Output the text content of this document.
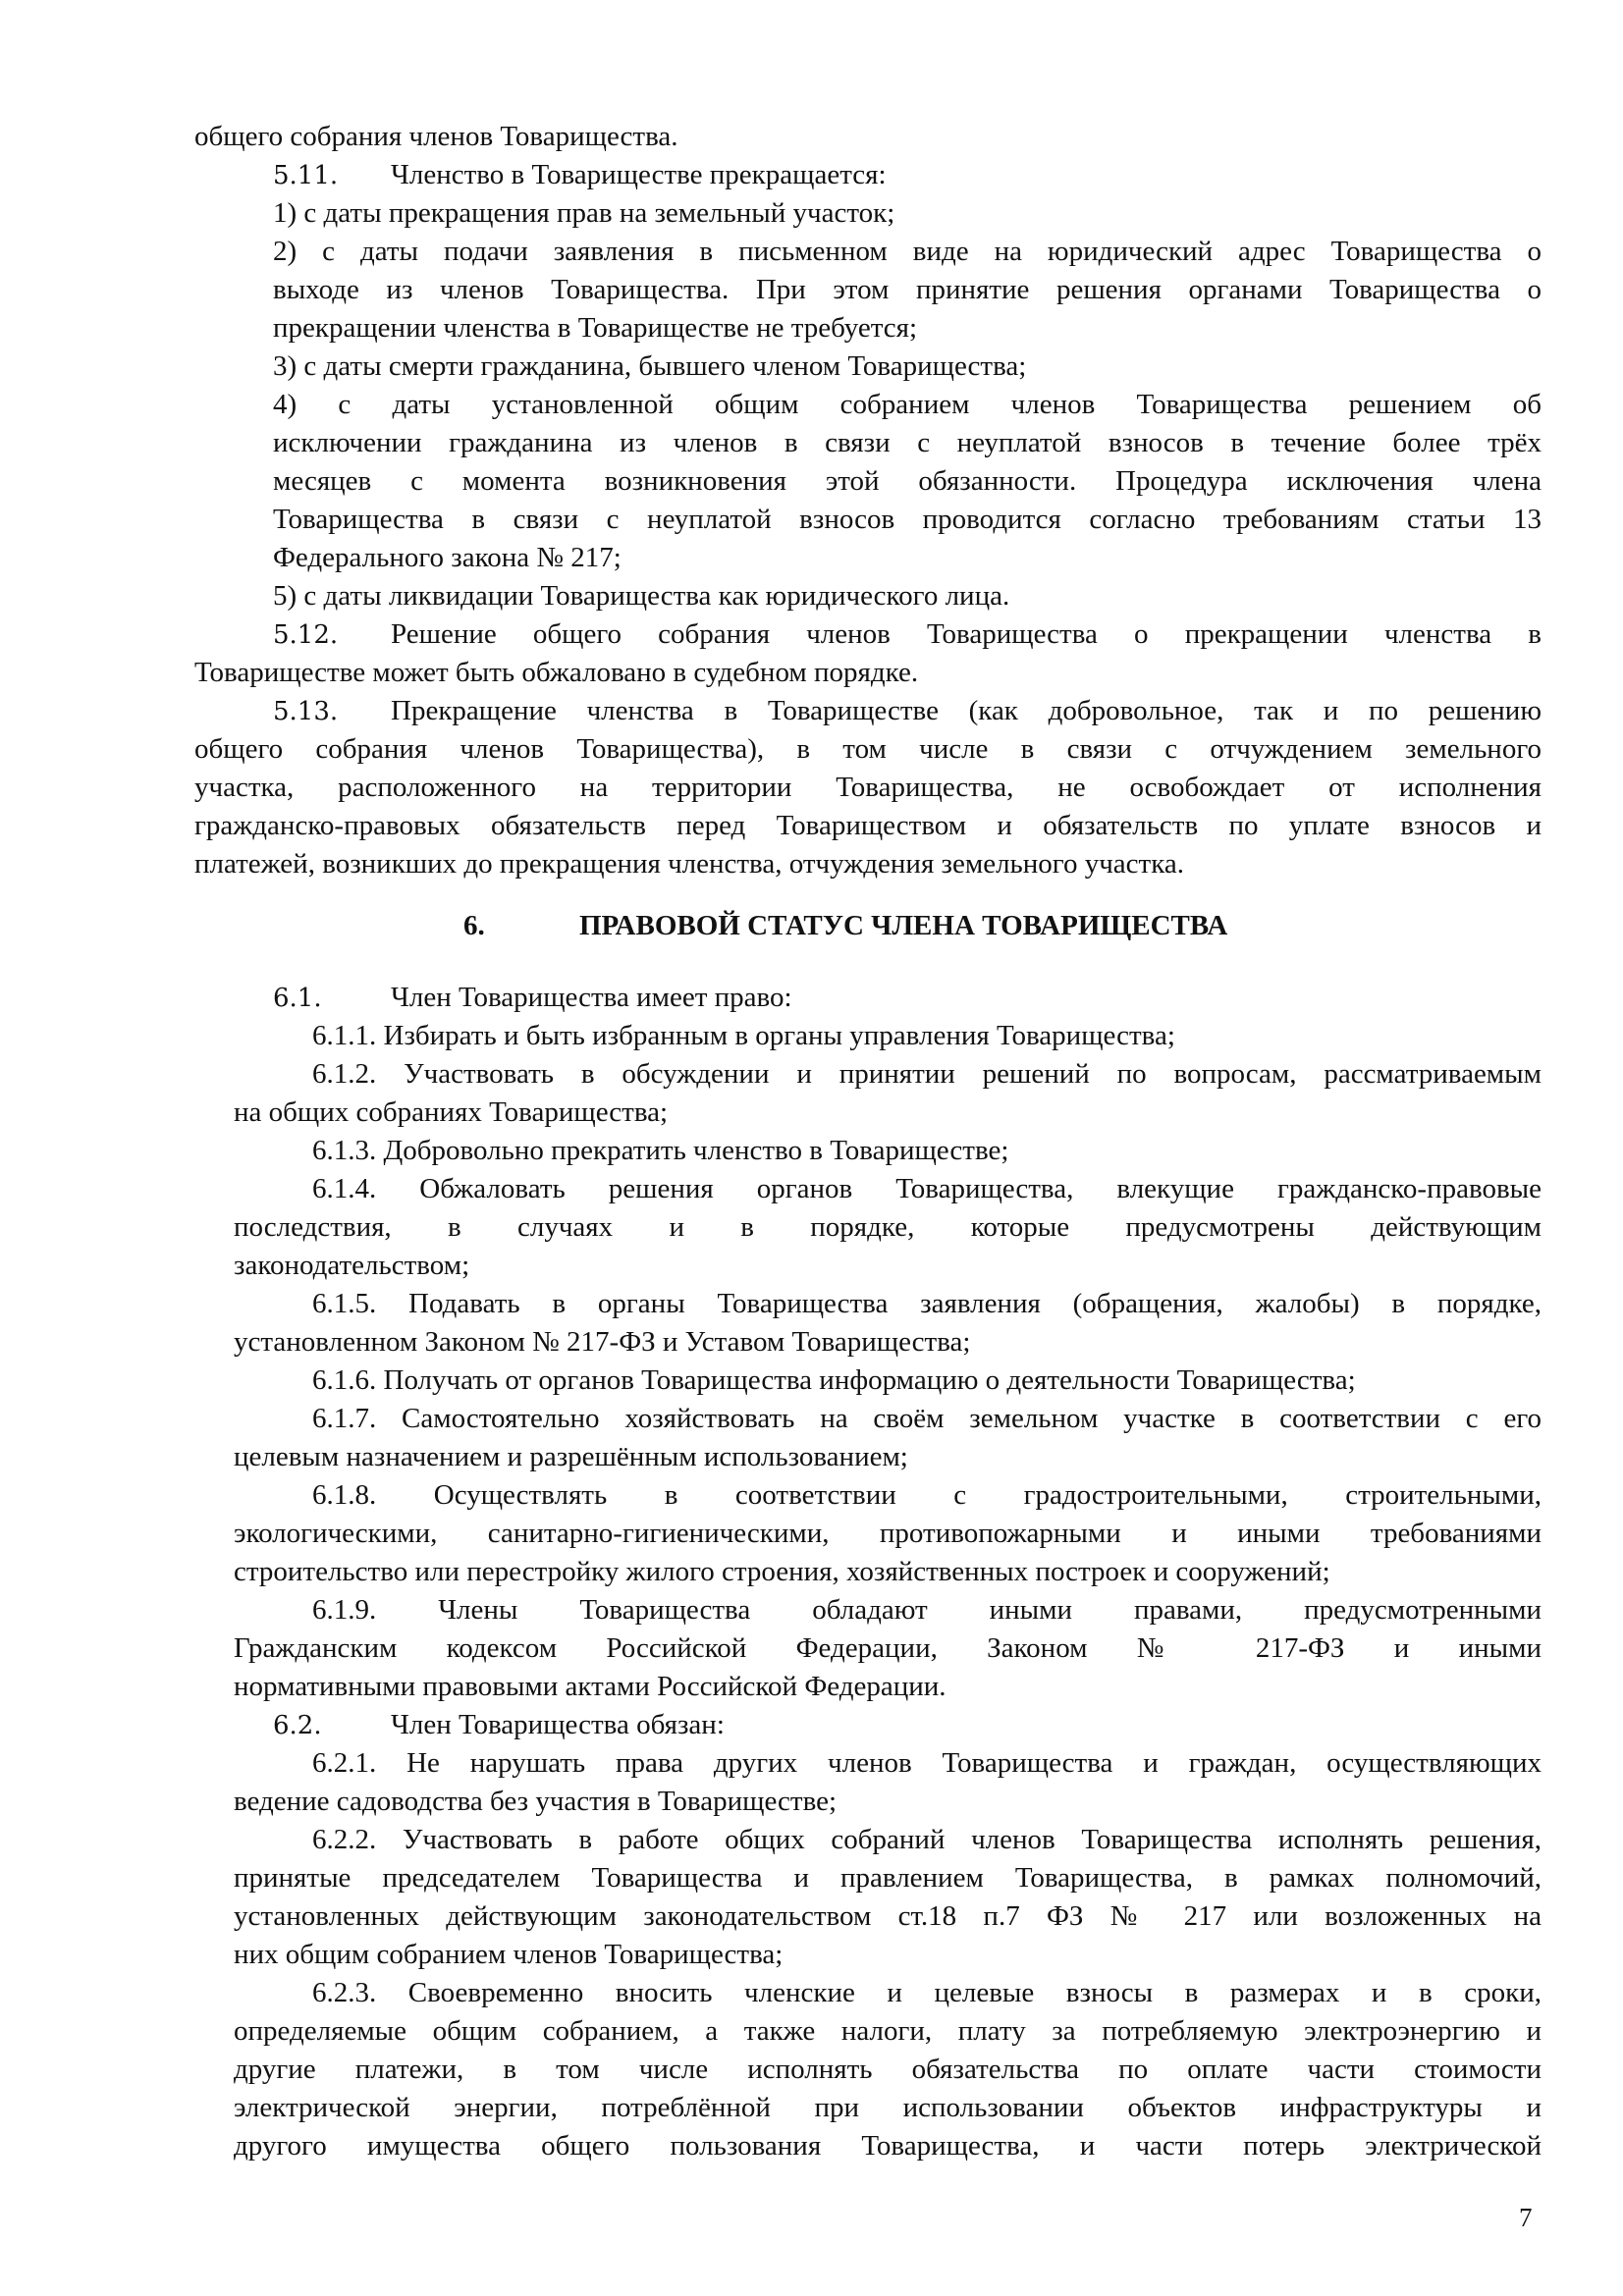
общего собрания членов Товарищества.
5.11. Членство в Товариществе прекращается:
1) с даты прекращения прав на земельный участок;
2) с даты подачи заявления в письменном виде на юридический адрес Товарищества о
выходе из членов Товарищества. При этом принятие решения органами Товарищества о
прекращении членства в Товариществе не требуется;
3) с даты смерти гражданина, бывшего членом Товарищества;
4) с даты установленной общим собранием членов Товарищества решением об
исключении гражданина из членов в связи с неуплатой взносов в течение более трёх
месяцев с момента возникновения этой обязанности. Процедура исключения члена
Товарищества в связи с неуплатой взносов проводится согласно требованиям статьи 13
Федерального закона № 217;
5) с даты ликвидации Товарищества как юридического лица.
5.12. Решение общего собрания членов Товарищества о прекращении членства в
Товариществе может быть обжаловано в судебном порядке.
5.13. Прекращение членства в Товариществе (как добровольное, так и по решению
общего собрания членов Товарищества), в том числе в связи с отчуждением земельного
участка, расположенного на территории Товарищества, не освобождает от исполнения
гражданско-правовых обязательств перед Товариществом и обязательств по уплате взносов и
платежей, возникших до прекращения членства, отчуждения земельного участка.
6.	ПРАВОВОЙ СТАТУС ЧЛЕНА ТОВАРИЩЕСТВА
6.1. Член Товарищества имеет право:
6.1.1. Избирать и быть избранным в органы управления Товарищества;
6.1.2. Участвовать в обсуждении и принятии решений по вопросам, рассматриваемым
на общих собраниях Товарищества;
6.1.3. Добровольно прекратить членство в Товариществе;
6.1.4. Обжаловать решения органов Товарищества, влекущие гражданско-правовые
последствия, в случаях и в порядке, которые предусмотрены действующим
законодательством;
6.1.5. Подавать в органы Товарищества заявления (обращения, жалобы) в порядке,
установленном Законом № 217-ФЗ и Уставом Товарищества;
6.1.6. Получать от органов Товарищества информацию о деятельности Товарищества;
6.1.7. Самостоятельно хозяйствовать на своём земельном участке в соответствии с его
целевым назначением и разрешённым использованием;
6.1.8. Осуществлять в соответствии с градостроительными, строительными,
экологическими, санитарно-гигиеническими, противопожарными и иными требованиями
строительство или перестройку жилого строения, хозяйственных построек и сооружений;
6.1.9. Члены Товарищества обладают иными правами, предусмотренными
Гражданским кодексом Российской Федерации, Законом № 217-ФЗ и иными
нормативными правовыми актами Российской Федерации.
6.2. Член Товарищества обязан:
6.2.1. Не нарушать права других членов Товарищества и граждан, осуществляющих
ведение садоводства без участия в Товариществе;
6.2.2. Участвовать в работе общих собраний членов Товарищества исполнять решения,
принятые председателем Товарищества и правлением Товарищества, в рамках полномочий,
установленных действующим законодательством ст.18 п.7 ФЗ № 217 или возложенных на
них общим собранием членов Товарищества;
6.2.3. Своевременно вносить членские и целевые взносы в размерах и в сроки,
определяемые общим собранием, а также налоги, плату за потребляемую электроэнергию и
другие платежи, в том числе исполнять обязательства по оплате части стоимости
электрической энергии, потреблённой при использовании объектов инфраструктуры и
другого имущества общего пользования Товарищества, и части потерь электрической
7
